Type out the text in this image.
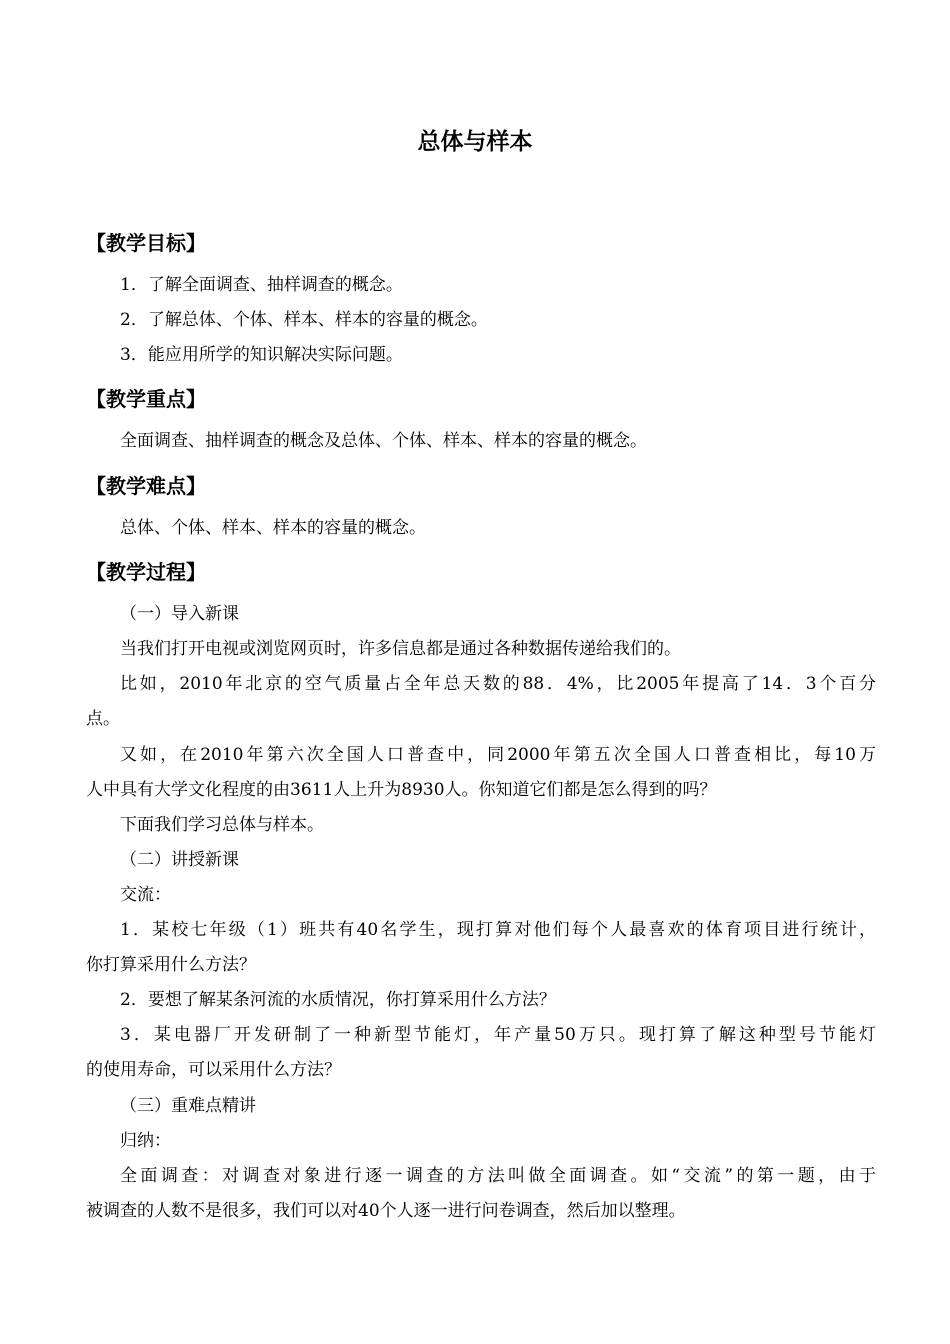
总体与样本
【教学目标】
1．了解全面调查、抽样调查的概念。
2．了解总体、个体、样本、样本的容量的概念。
3．能应用所学的知识解决实际问题。
【教学重点】
全面调查、抽样调查的概念及总体、个体、样本、样本的容量的概念。
【教学难点】
总体、个体、样本、样本的容量的概念。
【教学过程】
（一）导入新课
当我们打开电视或浏览网页时，许多信息都是通过各种数据传递给我们的。
比如，2010年北京的空气质量占全年总天数的88．4%，比2005年提高了14．3个百分
点。
又如，在2010年第六次全国人口普查中，同2000年第五次全国人口普查相比，每10万
人中具有大学文化程度的由3611人上升为8930人。你知道它们都是怎么得到的吗？
下面我们学习总体与样本。
（二）讲授新课
交流：
1．某校七年级（1）班共有40名学生，现打算对他们每个人最喜欢的体育项目进行统计，
你打算采用什么方法？
2．要想了解某条河流的水质情况，你打算采用什么方法？
3．某电器厂开发研制了一种新型节能灯，年产量50万只。现打算了解这种型号节能灯
的使用寿命，可以采用什么方法？
（三）重难点精讲
归纳：
全面调查：对调查对象进行逐一调查的方法叫做全面调查。如“交流”的第一题，由于
被调查的人数不是很多，我们可以对40个人逐一进行问卷调查，然后加以整理。
